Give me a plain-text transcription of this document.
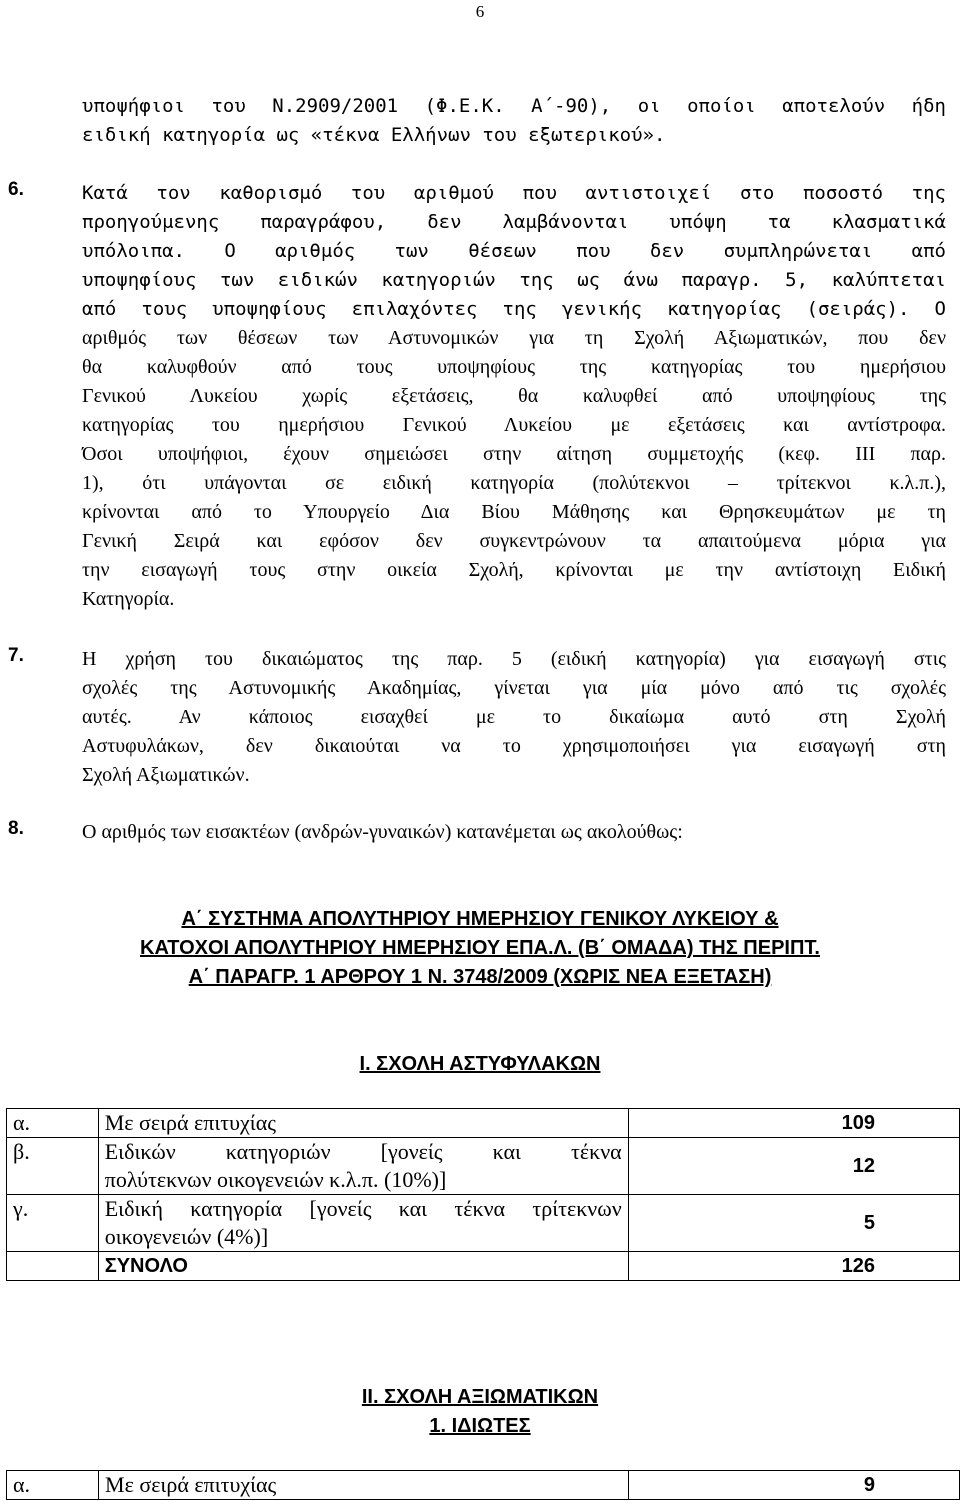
6
υποψήφιοι του Ν.2909/2001 (Φ.Ε.Κ. Α΄-90), οι οποίοι αποτελούν ήδη
ειδική κατηγορία ως «τέκνα Ελλήνων του εξωτερικού».
6.	Κατά τον καθορισμό του αριθμού που αντιστοιχεί στο ποσοστό της
προηγούμενης παραγράφου, δεν λαμβάνονται υπόψη τα κλασματικά
υπόλοιπα. Ο αριθμός των θέσεων που δεν συμπληρώνεται από
υποψηφίους των ειδικών κατηγοριών της ως άνω παραγρ. 5, καλύπτεται
από τους υποψηφίους επιλαχόντες της γενικής κατηγορίας (σειράς). Ο
αριθμός των θέσεων των Αστυνομικών για τη Σχολή Αξιωματικών, που δεν
θα καλυφθούν από τους υποψηφίους της κατηγορίας του ημερήσιου
Γενικού Λυκείου χωρίς εξετάσεις, θα καλυφθεί από υποψηφίους της
κατηγορίας του ημερήσιου Γενικού Λυκείου με εξετάσεις και αντίστροφα.
Όσοι υποψήφιοι, έχουν σημειώσει στην αίτηση συμμετοχής (κεφ. ΙΙΙ παρ.
1), ότι υπάγονται σε ειδική κατηγορία (πολύτεκνοι – τρίτεκνοι κ.λ.π.),
κρίνονται από το Υπουργείο Δια Βίου Μάθησης και Θρησκευμάτων με τη
Γενική Σειρά και εφόσον δεν συγκεντρώνουν τα απαιτούμενα μόρια για
την εισαγωγή τους στην οικεία Σχολή, κρίνονται με την αντίστοιχη Ειδική
Κατηγορία.
7.	Η χρήση του δικαιώματος της παρ. 5 (ειδική κατηγορία) για εισαγωγή στις
σχολές της Αστυνομικής Ακαδημίας, γίνεται για μία μόνο από τις σχολές
αυτές. Αν κάποιος εισαχθεί με το δικαίωμα αυτό στη Σχολή
Αστυφυλάκων, δεν δικαιούται να το χρησιμοποιήσει για εισαγωγή στη
Σχολή Αξιωματικών.
8.	Ο αριθμός των εισακτέων (ανδρών-γυναικών) κατανέμεται ως ακολούθως:
Α΄ ΣΥΣΤΗΜΑ ΑΠΟΛΥΤΗΡΙΟΥ ΗΜΕΡΗΣΙΟΥ ΓΕΝΙΚΟΥ ΛΥΚΕΙΟΥ &
ΚΑΤΟΧΟΙ ΑΠΟΛΥΤΗΡΙΟΥ ΗΜΕΡΗΣΙΟΥ ΕΠΑ.Λ. (Β΄ ΟΜΑΔΑ) ΤΗΣ ΠΕΡΙΠΤ.
Α΄ ΠΑΡΑΓΡ. 1 ΑΡΘΡΟΥ 1 Ν. 3748/2009 (ΧΩΡΙΣ ΝΕΑ ΕΞΕΤΑΣΗ)
Ι. ΣΧΟΛΗ ΑΣΤΥΦΥΛΑΚΩΝ
α.	Με σειρά επιτυχίας	109
β.	Ειδικών κατηγοριών [γονείς και τέκνα
πολύτεκνων οικογενειών κ.λ.π. (10%)]	12
γ.	Ειδική κατηγορία [γονείς και τέκνα τρίτεκνων
οικογενειών (4%)]	5
	ΣΥΝΟΛΟ	126
ΙΙ. ΣΧΟΛΗ ΑΞΙΩΜΑΤΙΚΩΝ
1. ΙΔΙΩΤΕΣ
α.	Με σειρά επιτυχίας	9
